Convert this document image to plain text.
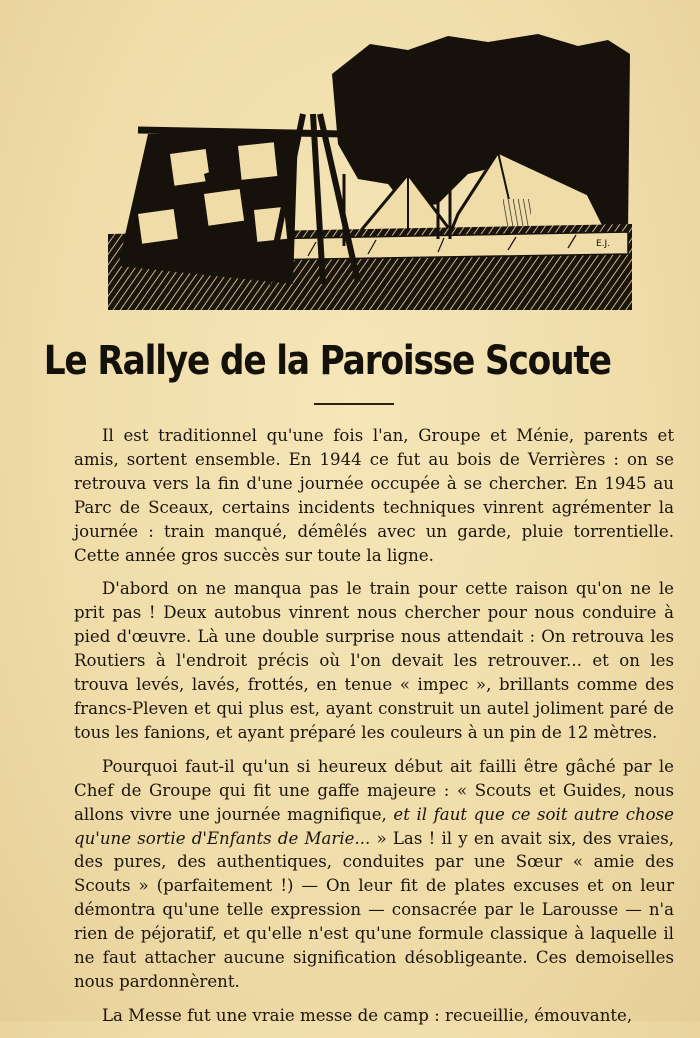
E.J.
Le Rallye de la Paroisse Scoute

Il est traditionnel qu'une fois l'an, Groupe et Ménie, parents et amis, sortent ensemble. En 1944 ce fut au bois de Verrières : on se retrouva vers la fin d'une journée occupée à se chercher. En 1945 au Parc de Sceaux, certains incidents techniques vinrent agrémenter la journée : train manqué, démêlés avec un garde, pluie torrentielle. Cette année gros succès sur toute la ligne.

D'abord on ne manqua pas le train pour cette raison qu'on ne le prit pas ! Deux autobus vinrent nous chercher pour nous conduire à pied d'œuvre. Là une double surprise nous attendait : On retrouva les Routiers à l'endroit précis où l'on devait les retrouver... et on les trouva levés, lavés, frottés, en tenue « impec », brillants comme des francs-Pleven et qui plus est, ayant construit un autel joliment paré de tous les fanions, et ayant préparé les couleurs à un pin de 12 mètres.

Pourquoi faut-il qu'un si heureux début ait failli être gâché par le Chef de Groupe qui fit une gaffe majeure : « Scouts et Guides, nous allons vivre une journée magnifique, et il faut que ce soit autre chose qu'une sortie d'Enfants de Marie... » Las ! il y en avait six, des vraies, des pures, des authentiques, conduites par une Sœur « amie des Scouts » (parfaitement !) — On leur fit de plates excuses et on leur démontra qu'une telle expression — consacrée par le Larousse — n'a rien de péjoratif, et qu'elle n'est qu'une formule classique à laquelle il ne faut attacher aucune signification désobligeante. Ces demoiselles nous pardonnèrent.

La Messe fut une vraie messe de camp : recueillie, émouvante,
